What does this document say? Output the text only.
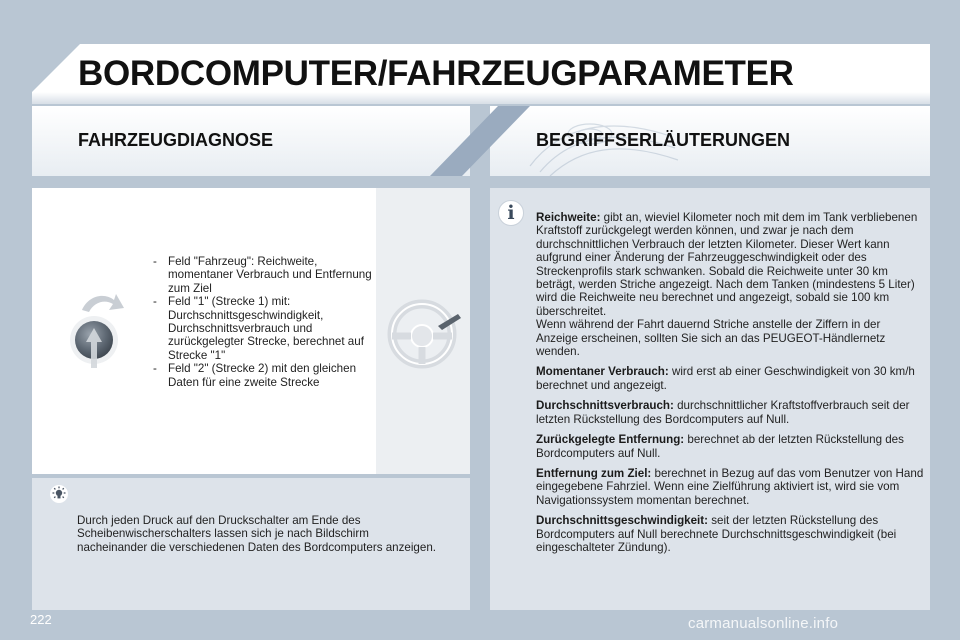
BORDCOMPUTER/FAHRZEUGPARAMETER
FAHRZEUGDIAGNOSE	BEGRIFFSERLÄUTERUNGEN
- Feld "Fahrzeug": Reichweite, momentaner Verbrauch und Entfernung zum Ziel
- Feld "1" (Strecke 1) mit: Durchschnittsgeschwindigkeit, Durchschnittsverbrauch und zurückgelegter Strecke, berechnet auf Strecke "1"
- Feld "2" (Strecke 2) mit den gleichen Daten für eine zweite Strecke
Durch jeden Druck auf den Druckschalter am Ende des Scheibenwischerschalters lassen sich je nach Bildschirm nacheinander die verschiedenen Daten des Bordcomputers anzeigen.
i	Reichweite: gibt an, wieviel Kilometer noch mit dem im Tank verbliebenen Kraftstoff zurückgelegt werden können, und zwar je nach dem durchschnittlichen Verbrauch der letzten Kilometer. Dieser Wert kann aufgrund einer Änderung der Fahrzeuggeschwindigkeit oder des Streckenprofils stark schwanken. Sobald die Reichweite unter 30 km beträgt, werden Striche angezeigt. Nach dem Tanken (mindestens 5 Liter) wird die Reichweite neu berechnet und angezeigt, sobald sie 100 km überschreitet.
Wenn während der Fahrt dauernd Striche anstelle der Ziffern in der Anzeige erscheinen, sollten Sie sich an das PEUGEOT-Händlernetz wenden.

Momentaner Verbrauch: wird erst ab einer Geschwindigkeit von 30 km/h berechnet und angezeigt.

Durchschnittsverbrauch: durchschnittlicher Kraftstoffverbrauch seit der letzten Rückstellung des Bordcomputers auf Null.

Zurückgelegte Entfernung: berechnet ab der letzten Rückstellung des Bordcomputers auf Null.

Entfernung zum Ziel: berechnet in Bezug auf das vom Benutzer von Hand eingegebene Fahrziel. Wenn eine Zielführung aktiviert ist, wird sie vom Navigationssystem momentan berechnet.

Durchschnittsgeschwindigkeit: seit der letzten Rückstellung des Bordcomputers auf Null berechnete Durchschnittsgeschwindigkeit (bei eingeschalteter Zündung).

222	carmanualsonline.info
